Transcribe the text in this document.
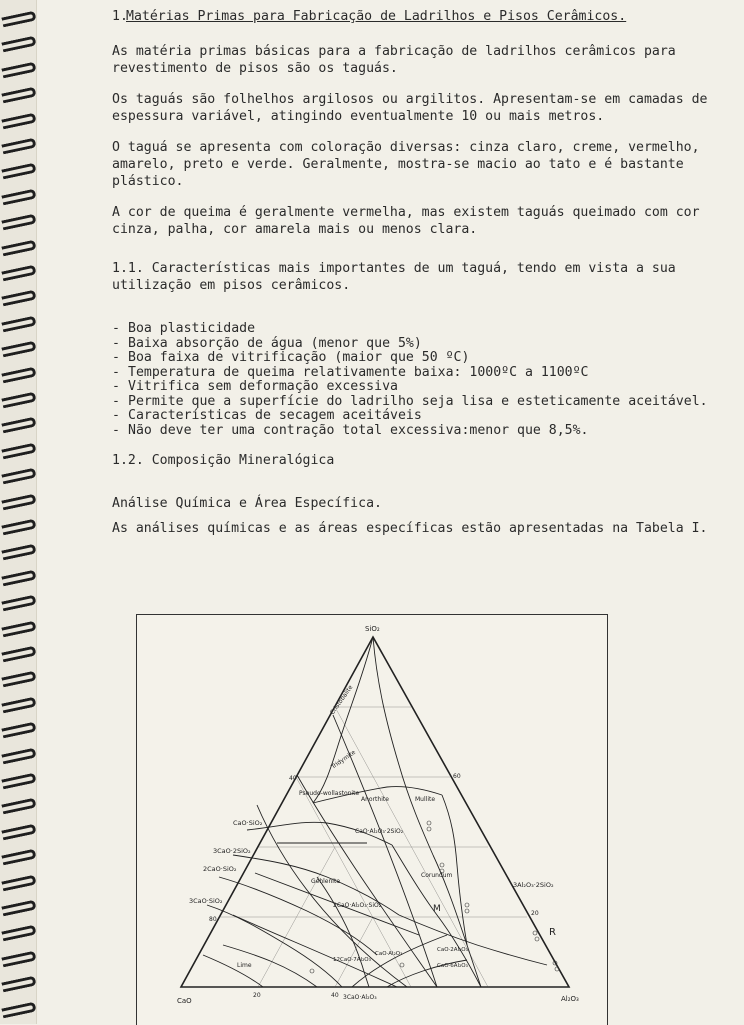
1.
Matérias Primas para Fabricação de Ladrilhos e Pisos Cerâmicos.

As matéria primas básicas para a fabricação de ladrilhos cerâmicos para revestimento de pisos são os taguás.

Os taguás são folhelhos argilosos ou argilitos. Apresentam-se em camadas de espessura variável, atingindo eventualmente 10 ou mais metros.

O taguá se apresenta com coloração diversas: cinza claro, creme, vermelho, amarelo, preto e verde. Geralmente, mostra-se macio ao tato e é bastante plástico.

A cor de queima é geralmente vermelha, mas existem taguás queimado com cor cinza, palha, cor amarela mais ou menos clara.

1.1. Características mais importantes de um taguá, tendo em vista a sua utilização em pisos cerâmicos.

- Boa plasticidade
- Baixa absorção de água (menor que 5%)
- Boa faixa de vitrificação (maior que 50 ºC)
- Temperatura de queima relativamente baixa: 1000ºC a 1100ºC
- Vitrifica sem deformação excessiva
- Permite que a superfície do ladrilho seja lisa e esteticamente aceitável.
- Características de secagem aceitáveis
- Não deve ter uma contração total excessiva:menor que 8,5%.

1.2. Composição Mineralógica

Análise Química e Área Específica.

As análises químicas e as áreas específicas estão apresentadas na Tabela I.

SiO₂
CaO	Al₂O₃
40
80
60
20
20	40
Cristobalite
Tridymite
Pseudo-wollastonite
Anorthite	Mullite
CaO·SiO₂
CaO·Al₂O₃·2SiO₂
3CaO·2SiO₂
2CaO·SiO₂
Gehlenite
Corundum
3CaO·SiO₂
2CaO·Al₂O₃·SiO₂
3Al₂O₃·2SiO₂
M
R
Lime
12CaO·7Al₂O₃
CaO·Al₂O₃
CaO·2Al₂O₃
CaO·6Al₂O₃
3CaO·Al₂O₃
